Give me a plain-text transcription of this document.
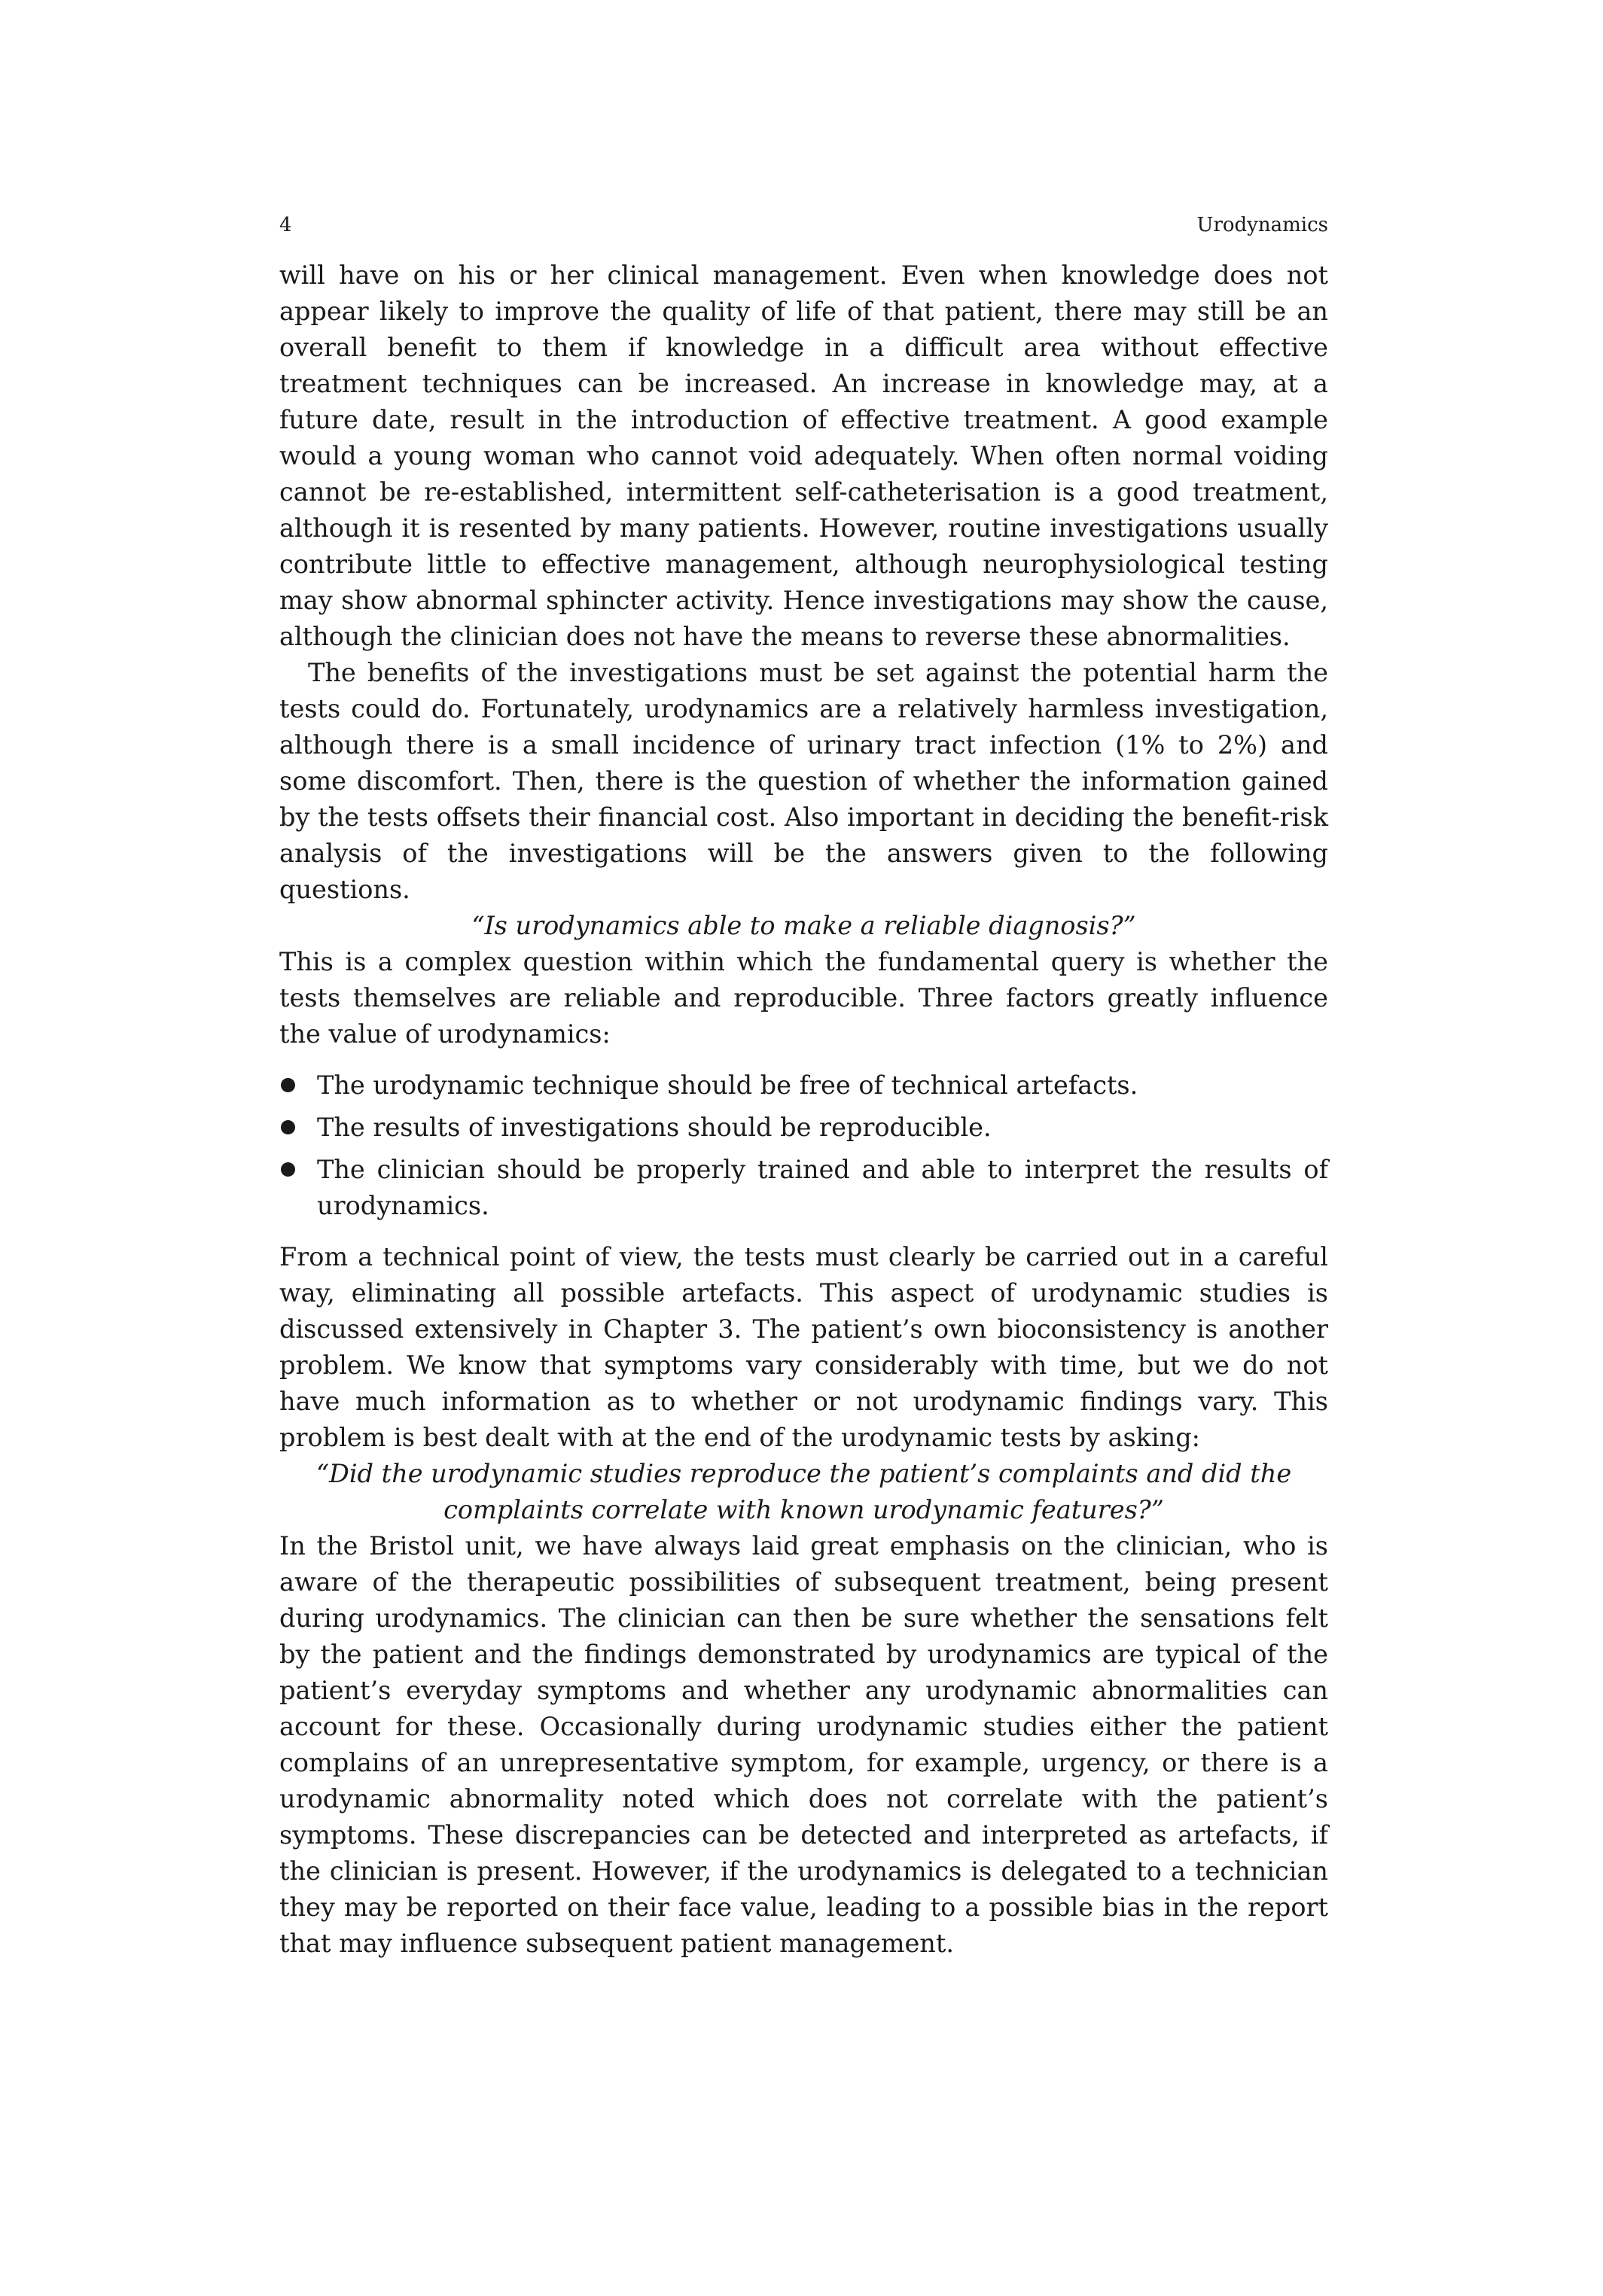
4	Urodynamics

will have on his or her clinical management. Even when knowledge does not appear likely to improve the quality of life of that patient, there may still be an overall benefit to them if knowledge in a difficult area without effective treatment techniques can be increased. An increase in knowledge may, at a future date, result in the introduction of effective treatment. A good example would a young woman who cannot void adequately. When often normal voiding cannot be re-established, intermittent self-catheterisation is a good treatment, although it is resented by many patients. However, routine investigations usually contribute little to effective management, although neurophysiological testing may show abnormal sphincter activity. Hence investigations may show the cause, although the clinician does not have the means to reverse these abnormalities.

The benefits of the investigations must be set against the potential harm the tests could do. Fortunately, urodynamics are a relatively harmless investigation, although there is a small incidence of urinary tract infection (1% to 2%) and some discomfort. Then, there is the question of whether the information gained by the tests offsets their financial cost. Also important in deciding the benefit-risk analysis of the investigations will be the answers given to the following questions.

“Is urodynamics able to make a reliable diagnosis?”

This is a complex question within which the fundamental query is whether the tests themselves are reliable and reproducible. Three factors greatly influence the value of urodynamics:

The urodynamic technique should be free of technical artefacts.
The results of investigations should be reproducible.
The clinician should be properly trained and able to interpret the results of urodynamics.

From a technical point of view, the tests must clearly be carried out in a careful way, eliminating all possible artefacts. This aspect of urodynamic studies is discussed extensively in Chapter 3. The patient’s own bioconsistency is another problem. We know that symptoms vary considerably with time, but we do not have much information as to whether or not urodynamic findings vary. This problem is best dealt with at the end of the urodynamic tests by asking:

“Did the urodynamic studies reproduce the patient’s complaints and did the complaints correlate with known urodynamic features?”

In the Bristol unit, we have always laid great emphasis on the clinician, who is aware of the therapeutic possibilities of subsequent treatment, being present during urodynamics. The clinician can then be sure whether the sensations felt by the patient and the findings demonstrated by urodynamics are typical of the patient’s everyday symptoms and whether any urodynamic abnormalities can account for these. Occasionally during urodynamic studies either the patient complains of an unrepresentative symptom, for example, urgency, or there is a urodynamic abnormality noted which does not correlate with the patient’s symptoms. These discrepancies can be detected and interpreted as artefacts, if the clinician is present. However, if the urodynamics is delegated to a technician they may be reported on their face value, leading to a possible bias in the report that may influence subsequent patient management.
